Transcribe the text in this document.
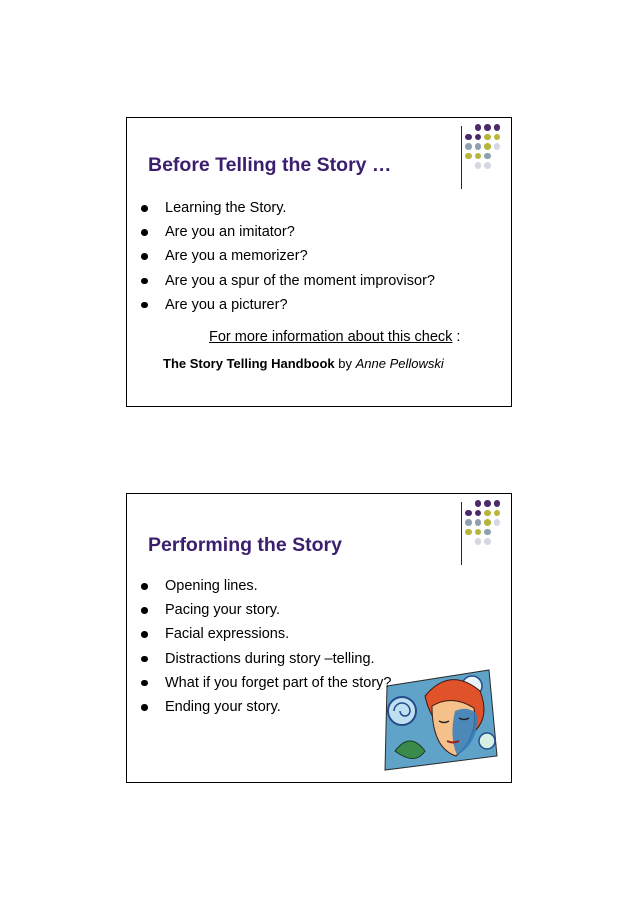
Before Telling the Story …
Learning the Story.
Are you an imitator?
Are you a memorizer?
Are you a spur of the moment improvisor?
Are you a picturer?
For more information about this check :
The Story Telling Handbook by Anne Pellowski
Performing the Story
Opening lines.
Pacing your story.
Facial expressions.
Distractions during story –telling.
What if you forget part of the story?
Ending your story.
